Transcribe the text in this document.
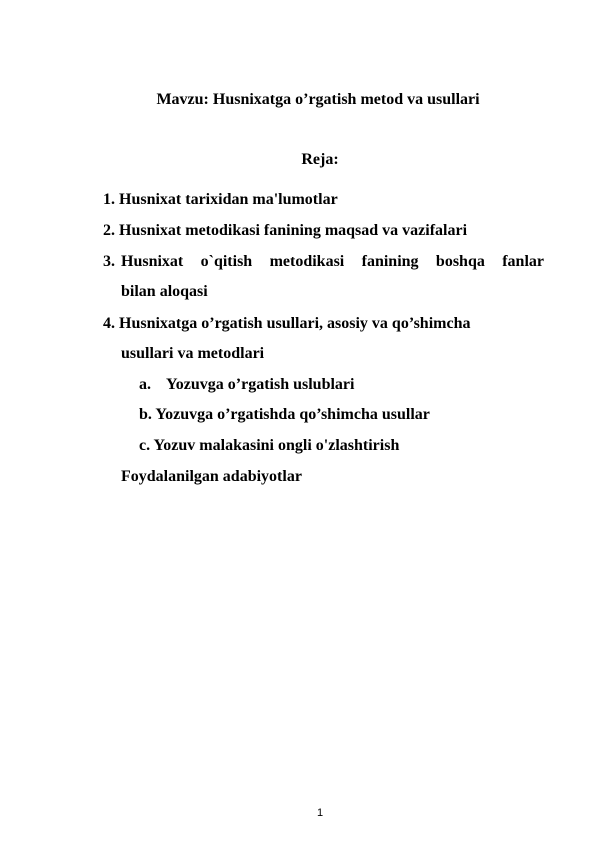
Mavzu: Husnixatga o’rgatish metod va usullari
Reja:
1. Husnixat tarixidan ma'lumotlar
2. Husnixat metodikasi fanining maqsad va vazifalari
3. Husnixat o`qitish metodikasi fanining boshqa fanlar
bilan aloqasi
4. Husnixatga o’rgatish usullari, asosiy va qo’shimcha
usullari va metodlari
a. Yozuvga o’rgatish uslublari
b. Yozuvga o’rgatishda qo’shimcha usullar
c. Yozuv malakasini ongli o'zlashtirish
Foydalanilgan adabiyotlar
1
